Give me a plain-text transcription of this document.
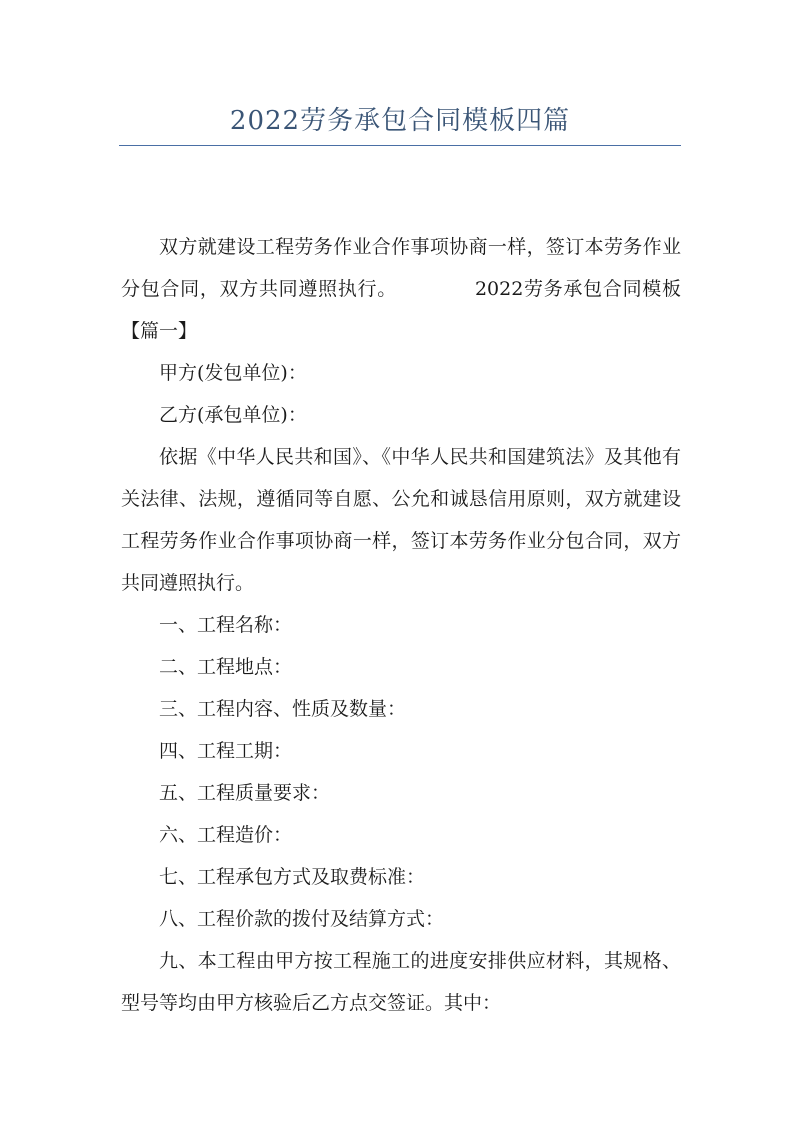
2022劳务承包合同模板四篇

双方就建设工程劳务作业合作事项协商一样，签订本劳务作业分包合同，双方共同遵照执行。	2022劳务承包合同模板【篇一】

甲方(发包单位)：

乙方(承包单位)：

依据《中华人民共和国》、《中华人民共和国建筑法》及其他有关法律、法规，遵循同等自愿、公允和诚恳信用原则，双方就建设工程劳务作业合作事项协商一样，签订本劳务作业分包合同，双方共同遵照执行。

一、工程名称：

二、工程地点：

三、工程内容、性质及数量：

四、工程工期：

五、工程质量要求：

六、工程造价：

七、工程承包方式及取费标准：

八、工程价款的拨付及结算方式：

九、本工程由甲方按工程施工的进度安排供应材料，其规格、型号等均由甲方核验后乙方点交签证。其中：
